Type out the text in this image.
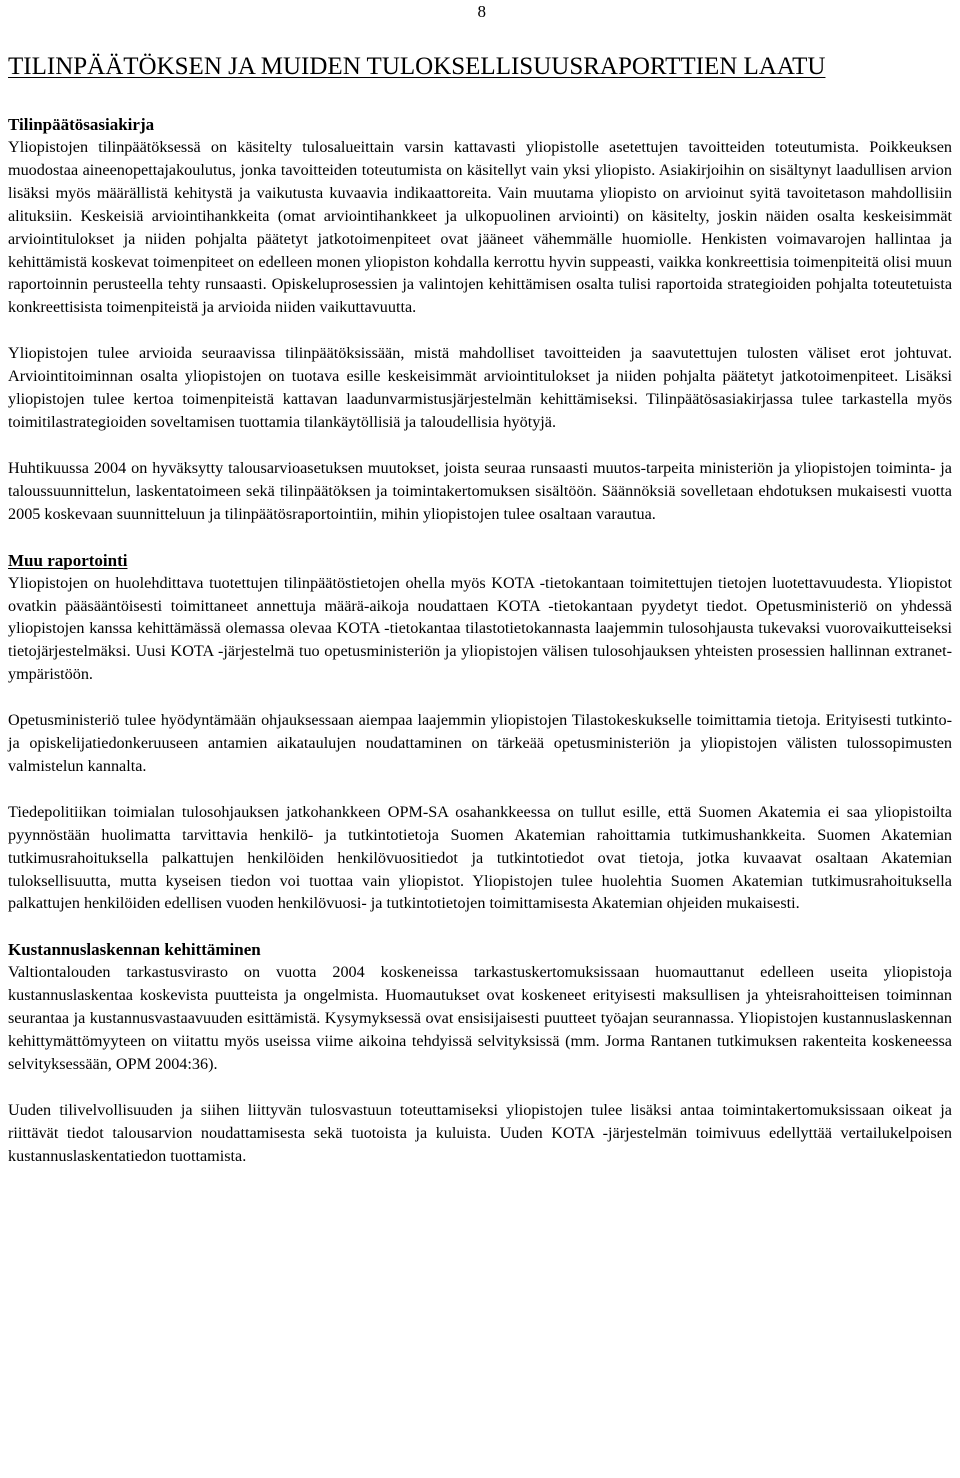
8
TILINPÄÄTÖKSEN JA MUIDEN TULOKSELLISUUSRAPORTTIEN LAATU
Tilinpäätösasiakirja

Yliopistojen tilinpäätöksessä on käsitelty tulosalueittain varsin kattavasti yliopistolle asetettujen tavoitteiden toteutumista. Poikkeuksen muodostaa aineenopettajakoulutus, jonka tavoitteiden toteutumista on käsitellyt vain yksi yliopisto. Asiakirjoihin on sisältynyt laadullisen arvion lisäksi myös määrällistä kehitystä ja vaikutusta kuvaavia indikaattoreita. Vain muutama yliopisto on arvioinut syitä tavoitetason mahdollisiin alituksiin. Keskeisiä arviointihankkeita (omat arviointihankkeet ja ulkopuolinen arviointi) on käsitelty, joskin näiden osalta keskeisimmät arviointitulokset ja niiden pohjalta päätetyt jatkotoimenpiteet ovat jääneet vähemmälle huomiolle. Henkisten voimavarojen hallintaa ja kehittämistä koskevat toimenpiteet on edelleen monen yliopiston kohdalla kerrottu hyvin suppeasti, vaikka konkreettisia toimenpiteitä olisi muun raportoinnin perusteella tehty runsaasti. Opiskeluprosessien ja valintojen kehittämisen osalta tulisi raportoida strategioiden pohjalta toteutetuista konkreettisista toimenpiteistä ja arvioida niiden vaikuttavuutta.

Yliopistojen tulee arvioida seuraavissa tilinpäätöksissään, mistä mahdolliset tavoitteiden ja saavutettujen tulosten väliset erot johtuvat. Arviointitoiminnan osalta yliopistojen on tuotava esille keskeisimmät arviointitulokset ja niiden pohjalta päätetyt jatkotoimenpiteet. Lisäksi yliopistojen tulee kertoa toimenpiteistä kattavan laadunvarmistusjärjestelmän kehittämiseksi. Tilinpäätösasiakirjassa tulee tarkastella myös toimitilastrategioiden soveltamisen tuottamia tilankäytöllisiä ja taloudellisia hyötyjä.

Huhtikuussa 2004 on hyväksytty talousarvioasetuksen muutokset, joista seuraa runsaasti muutos-tarpeita ministeriön ja yliopistojen toiminta- ja taloussuunnittelun, laskentatoimeen sekä tilinpäätöksen ja toimintakertomuksen sisältöön. Säännöksiä sovelletaan ehdotuksen mukaisesti vuotta 2005 koskevaan suunnitteluun ja tilinpäätösraportointiin, mihin yliopistojen tulee osaltaan varautua.

Muu raportointi

Yliopistojen on huolehdittava tuotettujen tilinpäätöstietojen ohella myös KOTA -tietokantaan toimitettujen tietojen luotettavuudesta. Yliopistot ovatkin pääsääntöisesti toimittaneet annettuja määrä-aikoja noudattaen KOTA -tietokantaan pyydetyt tiedot. Opetusministeriö on yhdessä yliopistojen kanssa kehittämässä olemassa olevaa KOTA -tietokantaa tilastotietokannasta laajemmin tulosohjausta tukevaksi vuorovaikutteiseksi tietojärjestelmäksi. Uusi KOTA -järjestelmä tuo opetusministeriön ja yliopistojen välisen tulosohjauksen yhteisten prosessien hallinnan extranet- ympäristöön.

Opetusministeriö tulee hyödyntämään ohjauksessaan aiempaa laajemmin yliopistojen Tilastokeskukselle toimittamia tietoja. Erityisesti tutkinto- ja opiskelijatiedonkeruuseen antamien aikataulujen noudattaminen on tärkeää opetusministeriön ja yliopistojen välisten tulossopimusten valmistelun kannalta.

Tiedepolitiikan toimialan tulosohjauksen jatkohankkeen OPM-SA osahankkeessa on tullut esille, että Suomen Akatemia ei saa yliopistoilta pyynnöstään huolimatta tarvittavia henkilö- ja tutkintotietoja Suomen Akatemian rahoittamia tutkimushankkeita. Suomen Akatemian tutkimusrahoituksella palkattujen henkilöiden henkilövuositiedot ja tutkintotiedot ovat tietoja, jotka kuvaavat osaltaan Akatemian tuloksellisuutta, mutta kyseisen tiedon voi tuottaa vain yliopistot. Yliopistojen tulee huolehtia Suomen Akatemian tutkimusrahoituksella palkattujen henkilöiden edellisen vuoden henkilövuosi- ja tutkintotietojen toimittamisesta Akatemian ohjeiden mukaisesti.

Kustannuslaskennan kehittäminen

Valtiontalouden tarkastusvirasto on vuotta 2004 koskeneissa tarkastuskertomuksissaan huomauttanut edelleen useita yliopistoja kustannuslaskentaa koskevista puutteista ja ongelmista. Huomautukset ovat koskeneet erityisesti maksullisen ja yhteisrahoitteisen toiminnan seurantaa ja kustannusvastaavuuden esittämistä. Kysymyksessä ovat ensisijaisesti puutteet työajan seurannassa. Yliopistojen kustannuslaskennan kehittymättömyyteen on viitattu myös useissa viime aikoina tehdyissä selvityksissä (mm. Jorma Rantanen tutkimuksen rakenteita koskeneessa selvityksessään, OPM 2004:36).

Uuden tilivelvollisuuden ja siihen liittyvän tulosvastuun toteuttamiseksi yliopistojen tulee lisäksi antaa toimintakertomuksissaan oikeat ja riittävät tiedot talousarvion noudattamisesta sekä tuotoista ja kuluista. Uuden KOTA -järjestelmän toimivuus edellyttää vertailukelpoisen kustannuslaskentatiedon tuottamista.
